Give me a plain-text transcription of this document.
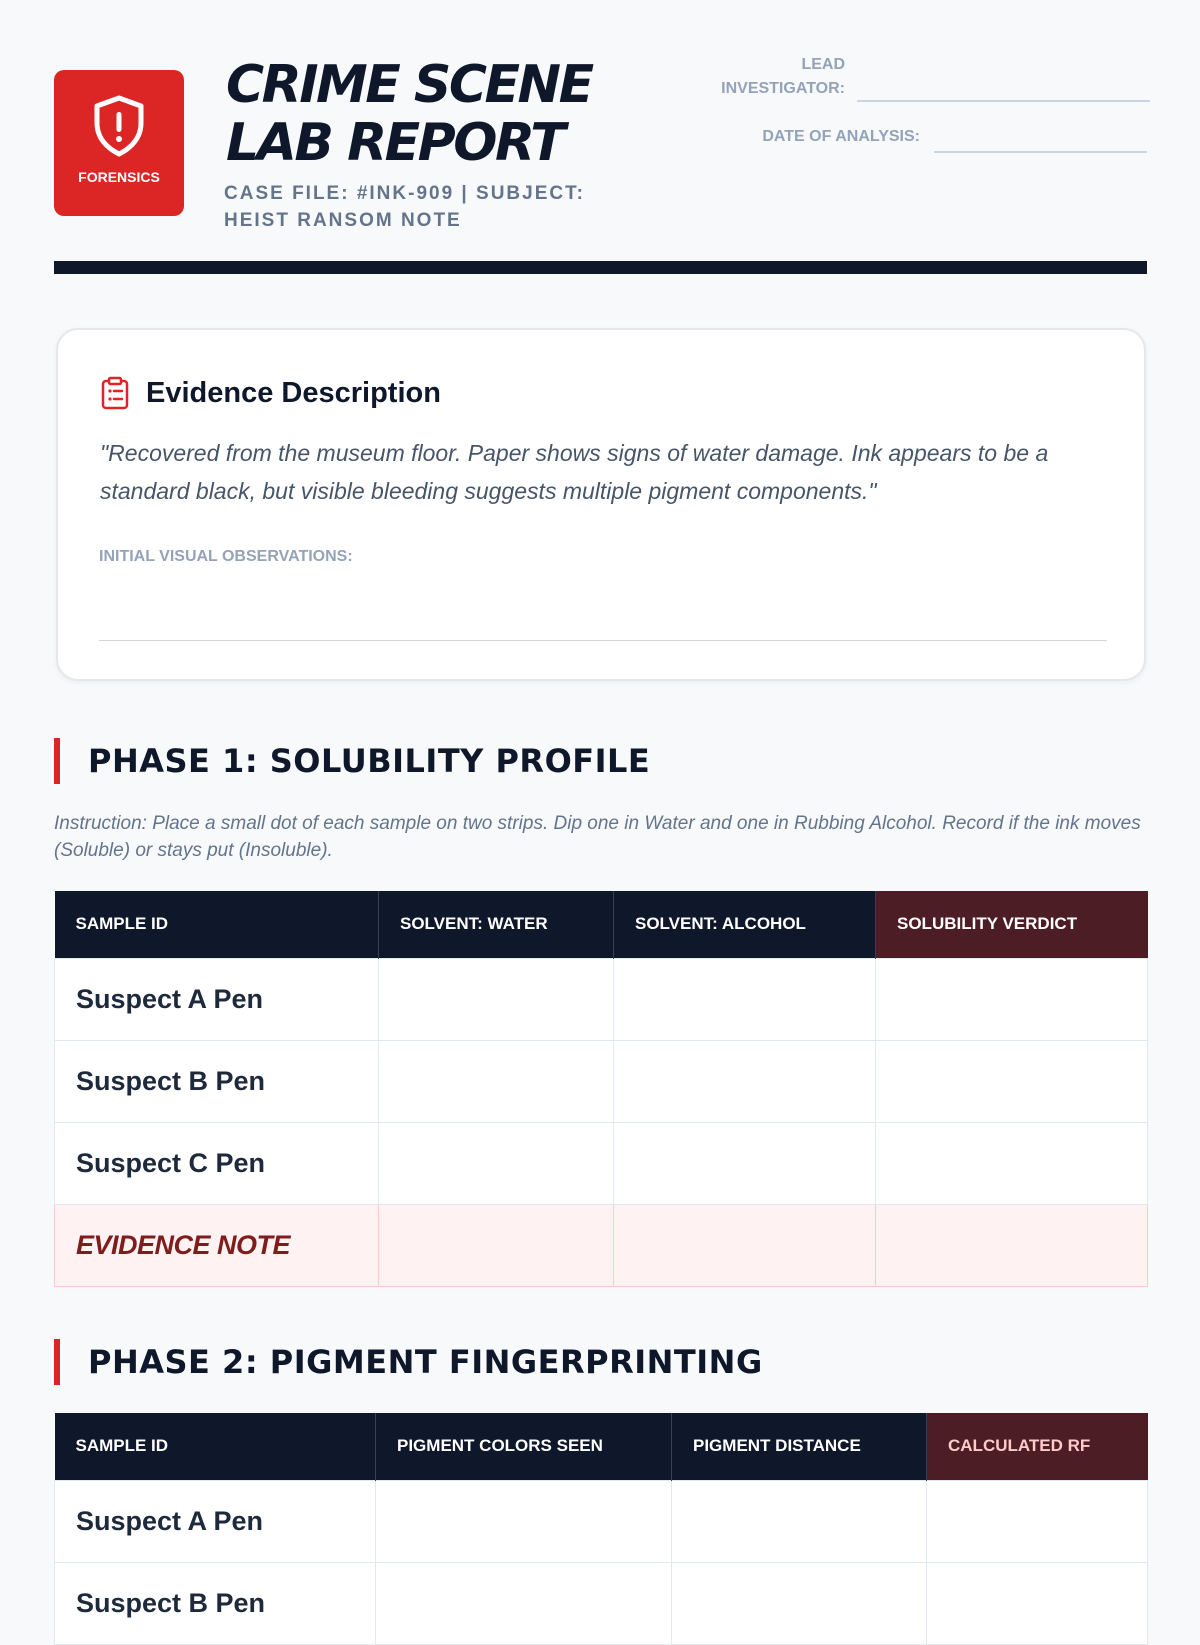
FORENSICS
CRIME SCENE
LAB REPORT
CASE FILE: #INK-909 | SUBJECT:
HEIST RANSOM NOTE
LEAD
INVESTIGATOR:
DATE OF ANALYSIS:
Evidence Description
"Recovered from the museum floor. Paper shows signs of water damage. Ink appears to be a standard black, but visible bleeding suggests multiple pigment components."
INITIAL VISUAL OBSERVATIONS:
PHASE 1: SOLUBILITY PROFILE
Instruction: Place a small dot of each sample on two strips. Dip one in Water and one in Rubbing Alcohol. Record if the ink moves (Soluble) or stays put (Insoluble).
SAMPLE ID	SOLVENT: WATER	SOLVENT: ALCOHOL	SOLUBILITY VERDICT
Suspect A Pen			
Suspect B Pen			
Suspect C Pen			
EVIDENCE NOTE			
PHASE 2: PIGMENT FINGERPRINTING
SAMPLE ID	PIGMENT COLORS SEEN	PIGMENT DISTANCE	CALCULATED RF
Suspect A Pen			
Suspect B Pen			
